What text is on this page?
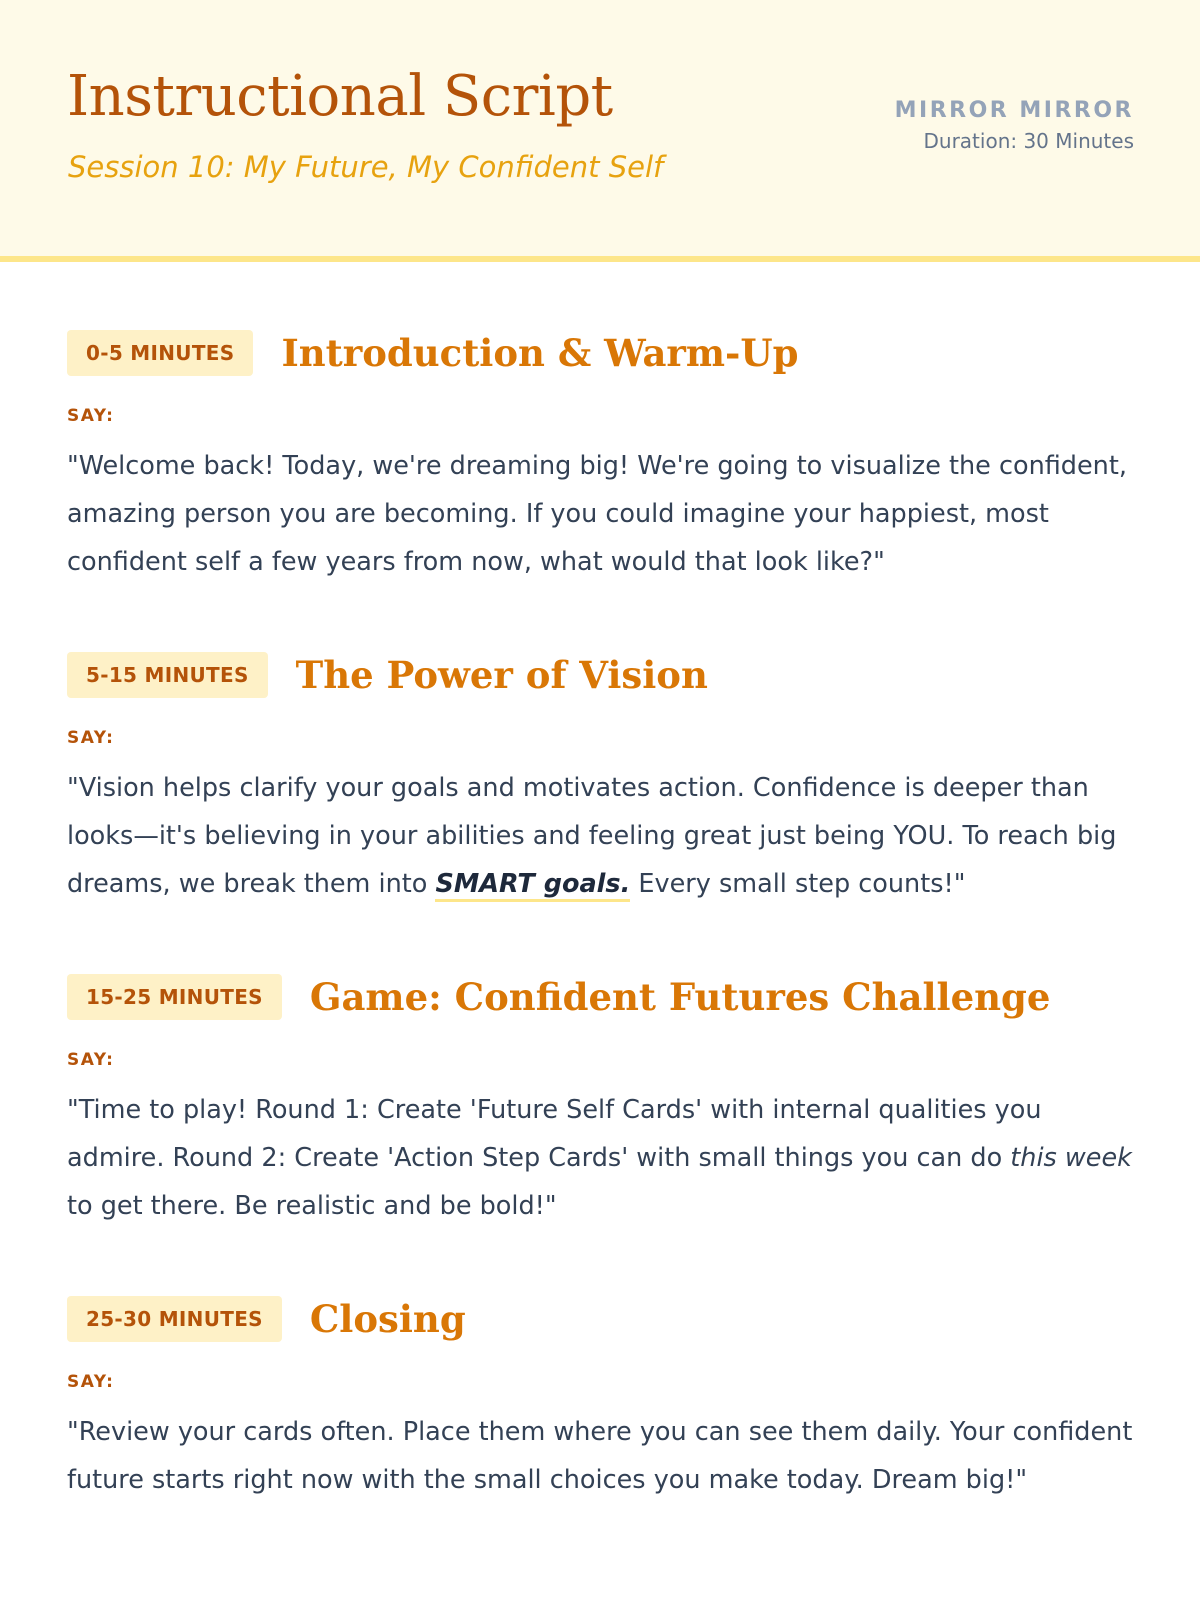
Instructional Script
Session 10: My Future, My Confident Self
MIRROR MIRROR
Duration: 30 Minutes
0-5 MINUTES	Introduction & Warm-Up
SAY:

"Welcome back! Today, we're dreaming big! We're going to visualize the confident, amazing person you are becoming. If you could imagine your happiest, most confident self a few years from now, what would that look like?"

5-15 MINUTES	The Power of Vision
SAY:

"Vision helps clarify your goals and motivates action. Confidence is deeper than looks—it's believing in your abilities and feeling great just being YOU. To reach big dreams, we break them into SMART goals. Every small step counts!"

15-25 MINUTES	Game: Confident Futures Challenge
SAY:

"Time to play! Round 1: Create 'Future Self Cards' with internal qualities you admire. Round 2: Create 'Action Step Cards' with small things you can do this week to get there. Be realistic and be bold!"

25-30 MINUTES	Closing
SAY:

"Review your cards often. Place them where you can see them daily. Your confident future starts right now with the small choices you make today. Dream big!"
